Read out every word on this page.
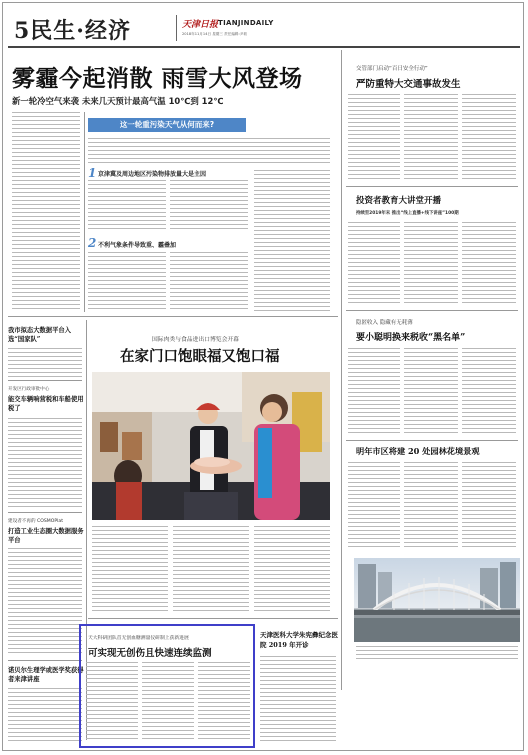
5民生·经济	天津日报 TIANJINDAILY
2018年11月14日 星期三 责任编辑:尹莉
雾霾今起消散 雨雪大风登场
新一轮冷空气来袭 未来几天预计最高气温 10℃到 12℃
这一轮重污染天气从何而来?
1 京津冀及周边地区污染物排放量大是主因
2 不利气象条件导致重、霾叠加
交管部门启动“百日安全行动”
严防重特大交通事故发生
投资者教育大讲堂开播
持续至2019年末 推出“线上直播+线下讲座”100期
隐匿收入 隐藏有无耗薄
要小聪明换来税收“黑名单”
明年市区将建 20 处园林花境景观
我市拟态大数据平台入选“国家队”
开发区行政审批中心
能交车辆响营税和车船使用税了
建设者不再的 COSMOPlat
打造工业生态圈大数据服务平台
诺贝尔生理学或医学奖获得者来津讲座
国际肉类与食品进出口博览会开幕
在家门口饱眼福又饱口福
天大科研团队首无创血糖测量仪研制上获新进展
可实现无创伤且快速连续监测
天津医科大学朱宪彝纪念医院 2019 年开诊
